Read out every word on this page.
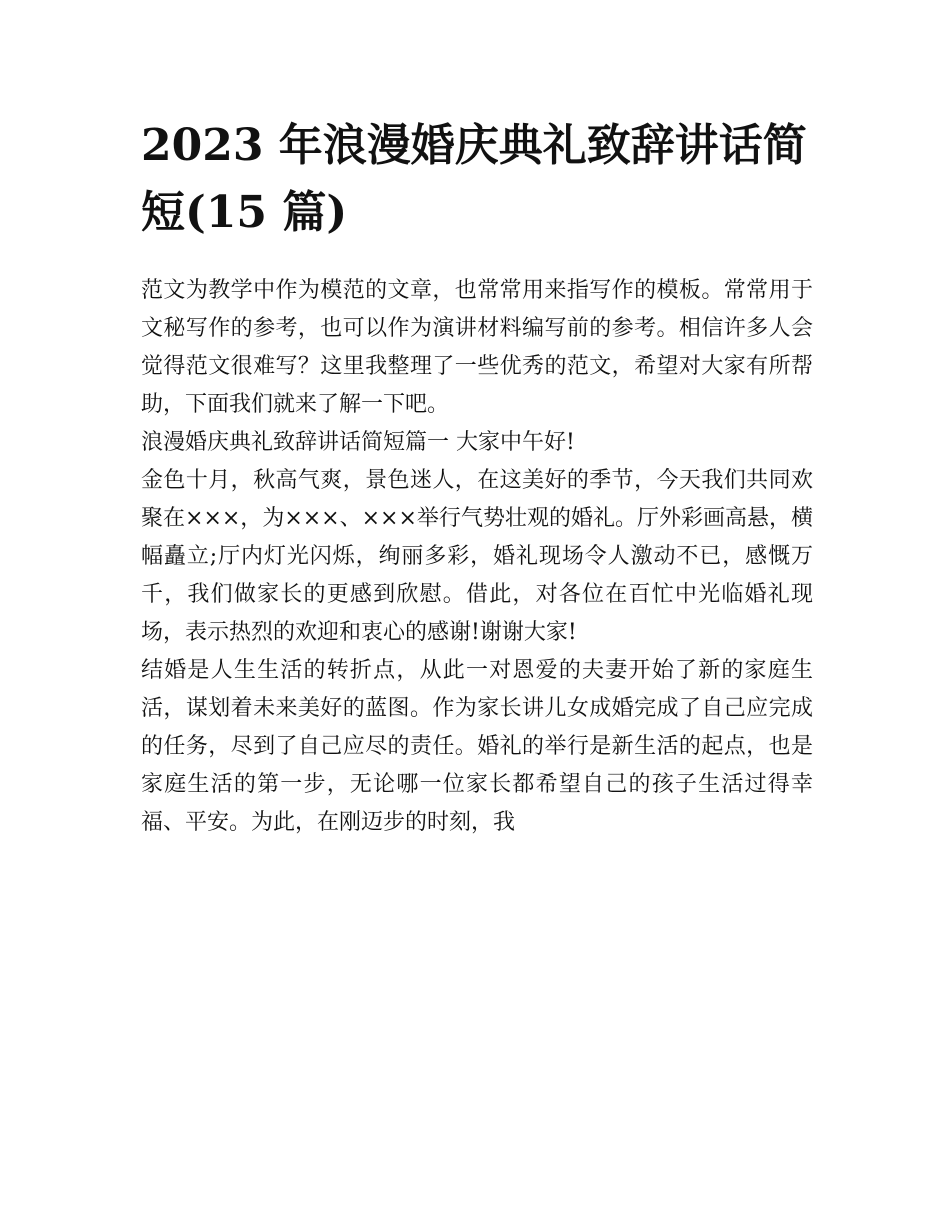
2023 年浪漫婚庆典礼致辞讲话简短(15 篇)

范文为教学中作为模范的文章，也常常用来指写作的模板。常常用于文秘写作的参考，也可以作为演讲材料编写前的参考。相信许多人会觉得范文很难写？这里我整理了一些优秀的范文，希望对大家有所帮助，下面我们就来了解一下吧。

浪漫婚庆典礼致辞讲话简短篇一 大家中午好!

金色十月，秋高气爽，景色迷人，在这美好的季节，今天我们共同欢聚在×××，为×××、×××举行气势壮观的婚礼。厅外彩画高悬，横幅矗立;厅内灯光闪烁，绚丽多彩，婚礼现场令人激动不已，感慨万千，我们做家长的更感到欣慰。借此，对各位在百忙中光临婚礼现场，表示热烈的欢迎和衷心的感谢!谢谢大家!

结婚是人生生活的转折点，从此一对恩爱的夫妻开始了新的家庭生活，谋划着未来美好的蓝图。作为家长讲儿女成婚完成了自己应完成的任务，尽到了自己应尽的责任。婚礼的举行是新生活的起点，也是家庭生活的第一步，无论哪一位家长都希望自己的孩子生活过得幸福、平安。为此，在刚迈步的时刻，我
